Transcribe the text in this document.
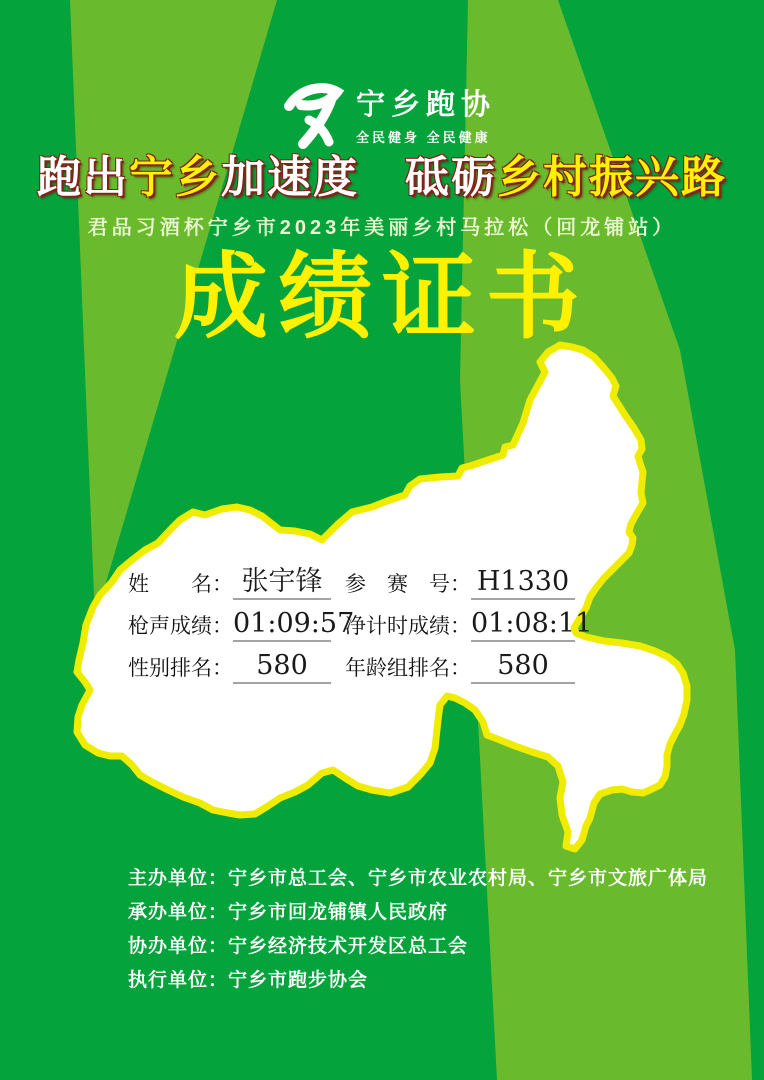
宁乡跑协
全民健身 全民健康
跑出宁乡加速度　 砥砺乡村振兴路
君品习酒杯宁乡市2023年美丽乡村马拉松（回龙铺站）
成绩证书
姓　　名： 张宇锋	参　赛　号： H1330
枪声成绩： 01:09:57
净计时成绩： 01:08:11
性别排名： 580	年龄组排名： 580
主办单位：宁乡市总工会、宁乡市农业农村局、宁乡市文旅广体局
承办单位：宁乡市回龙铺镇人民政府
协办单位：宁乡经济技术开发区总工会
执行单位：宁乡市跑步协会
